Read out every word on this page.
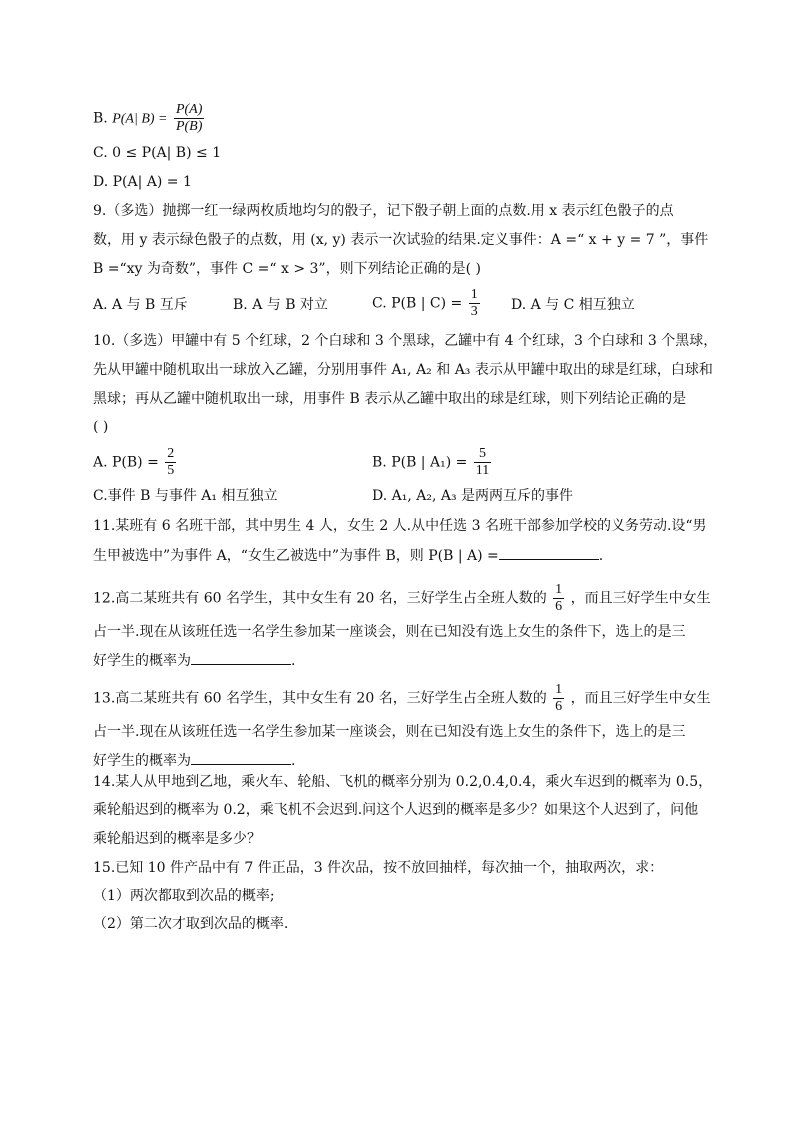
B. P(A| $B) = \frac{P(A)}{P(B)}$
C. 0 ≤ P(A| B) ≤ 1
D. P(A| A) = 1
9.（多选）抛掷一红一绿两枚质地均匀的骰子，记下骰子朝上面的点数.用 x 表示红色骰子的点
数，用 y 表示绿色骰子的点数，用 (x, y) 表示一次试验的结果.定义事件：A =“ x + y = 7 ”，事件
B =“xy 为奇数”，事件 C =“ x > 3”，则下列结论正确的是( )
A. A 与 B 互斥	B. A 与 B 对立	C. P(B | $C) = \frac{1}{3} D$. A 与 C 相互独立
10.（多选）甲罐中有 5 个红球，2 个白球和 3 个黑球，乙罐中有 4 个红球，3 个白球和 3 个黑球，
先从甲罐中随机取出一球放入乙罐，分别用事件 A₁, A₂ 和 A₃ 表示从甲罐中取出的球是红球，白球和
黑球；再从乙罐中随机取出一球，用事件 B 表示从乙罐中取出的球是红球，则下列结论正确的是
( )
A. $P(B) = \frac{2}{5}$	B. P(B | $A_1) = \frac{5}{11}$
C.事件 B 与事件 A₁ 相互独立	D. A₁, A₂, A₃ 是两两互斥的事件
11.某班有 6 名班干部，其中男生 4 人，女生 2 人.从中任选 3 名班干部参加学校的义务劳动.设“男
生甲被选中”为事件 A，“女生乙被选中”为事件 B，则 P(B | A) =	.
12.高二某班共有 60 名学生，其中女生有 20 名，三好学生占全班人数的 $\frac{1}{6}$ ，而且三好学生中女生
占一半.现在从该班任选一名学生参加某一座谈会，则在已知没有选上女生的条件下，选上的是三
好学生的概率为	.
13.高二某班共有 60 名学生，其中女生有 20 名，三好学生占全班人数的 $\frac{1}{6}$ ，而且三好学生中女生
占一半.现在从该班任选一名学生参加某一座谈会，则在已知没有选上女生的条件下，选上的是三
好学生的概率为	.
14.某人从甲地到乙地，乘火车、轮船、飞机的概率分别为 0.2,0.4,0.4，乘火车迟到的概率为 0.5，
乘轮船迟到的概率为 0.2，乘飞机不会迟到.问这个人迟到的概率是多少？如果这个人迟到了，问他
乘轮船迟到的概率是多少？
15.已知 10 件产品中有 7 件正品，3 件次品，按不放回抽样，每次抽一个，抽取两次，求：
（1）两次都取到次品的概率;
（2）第二次才取到次品的概率.
